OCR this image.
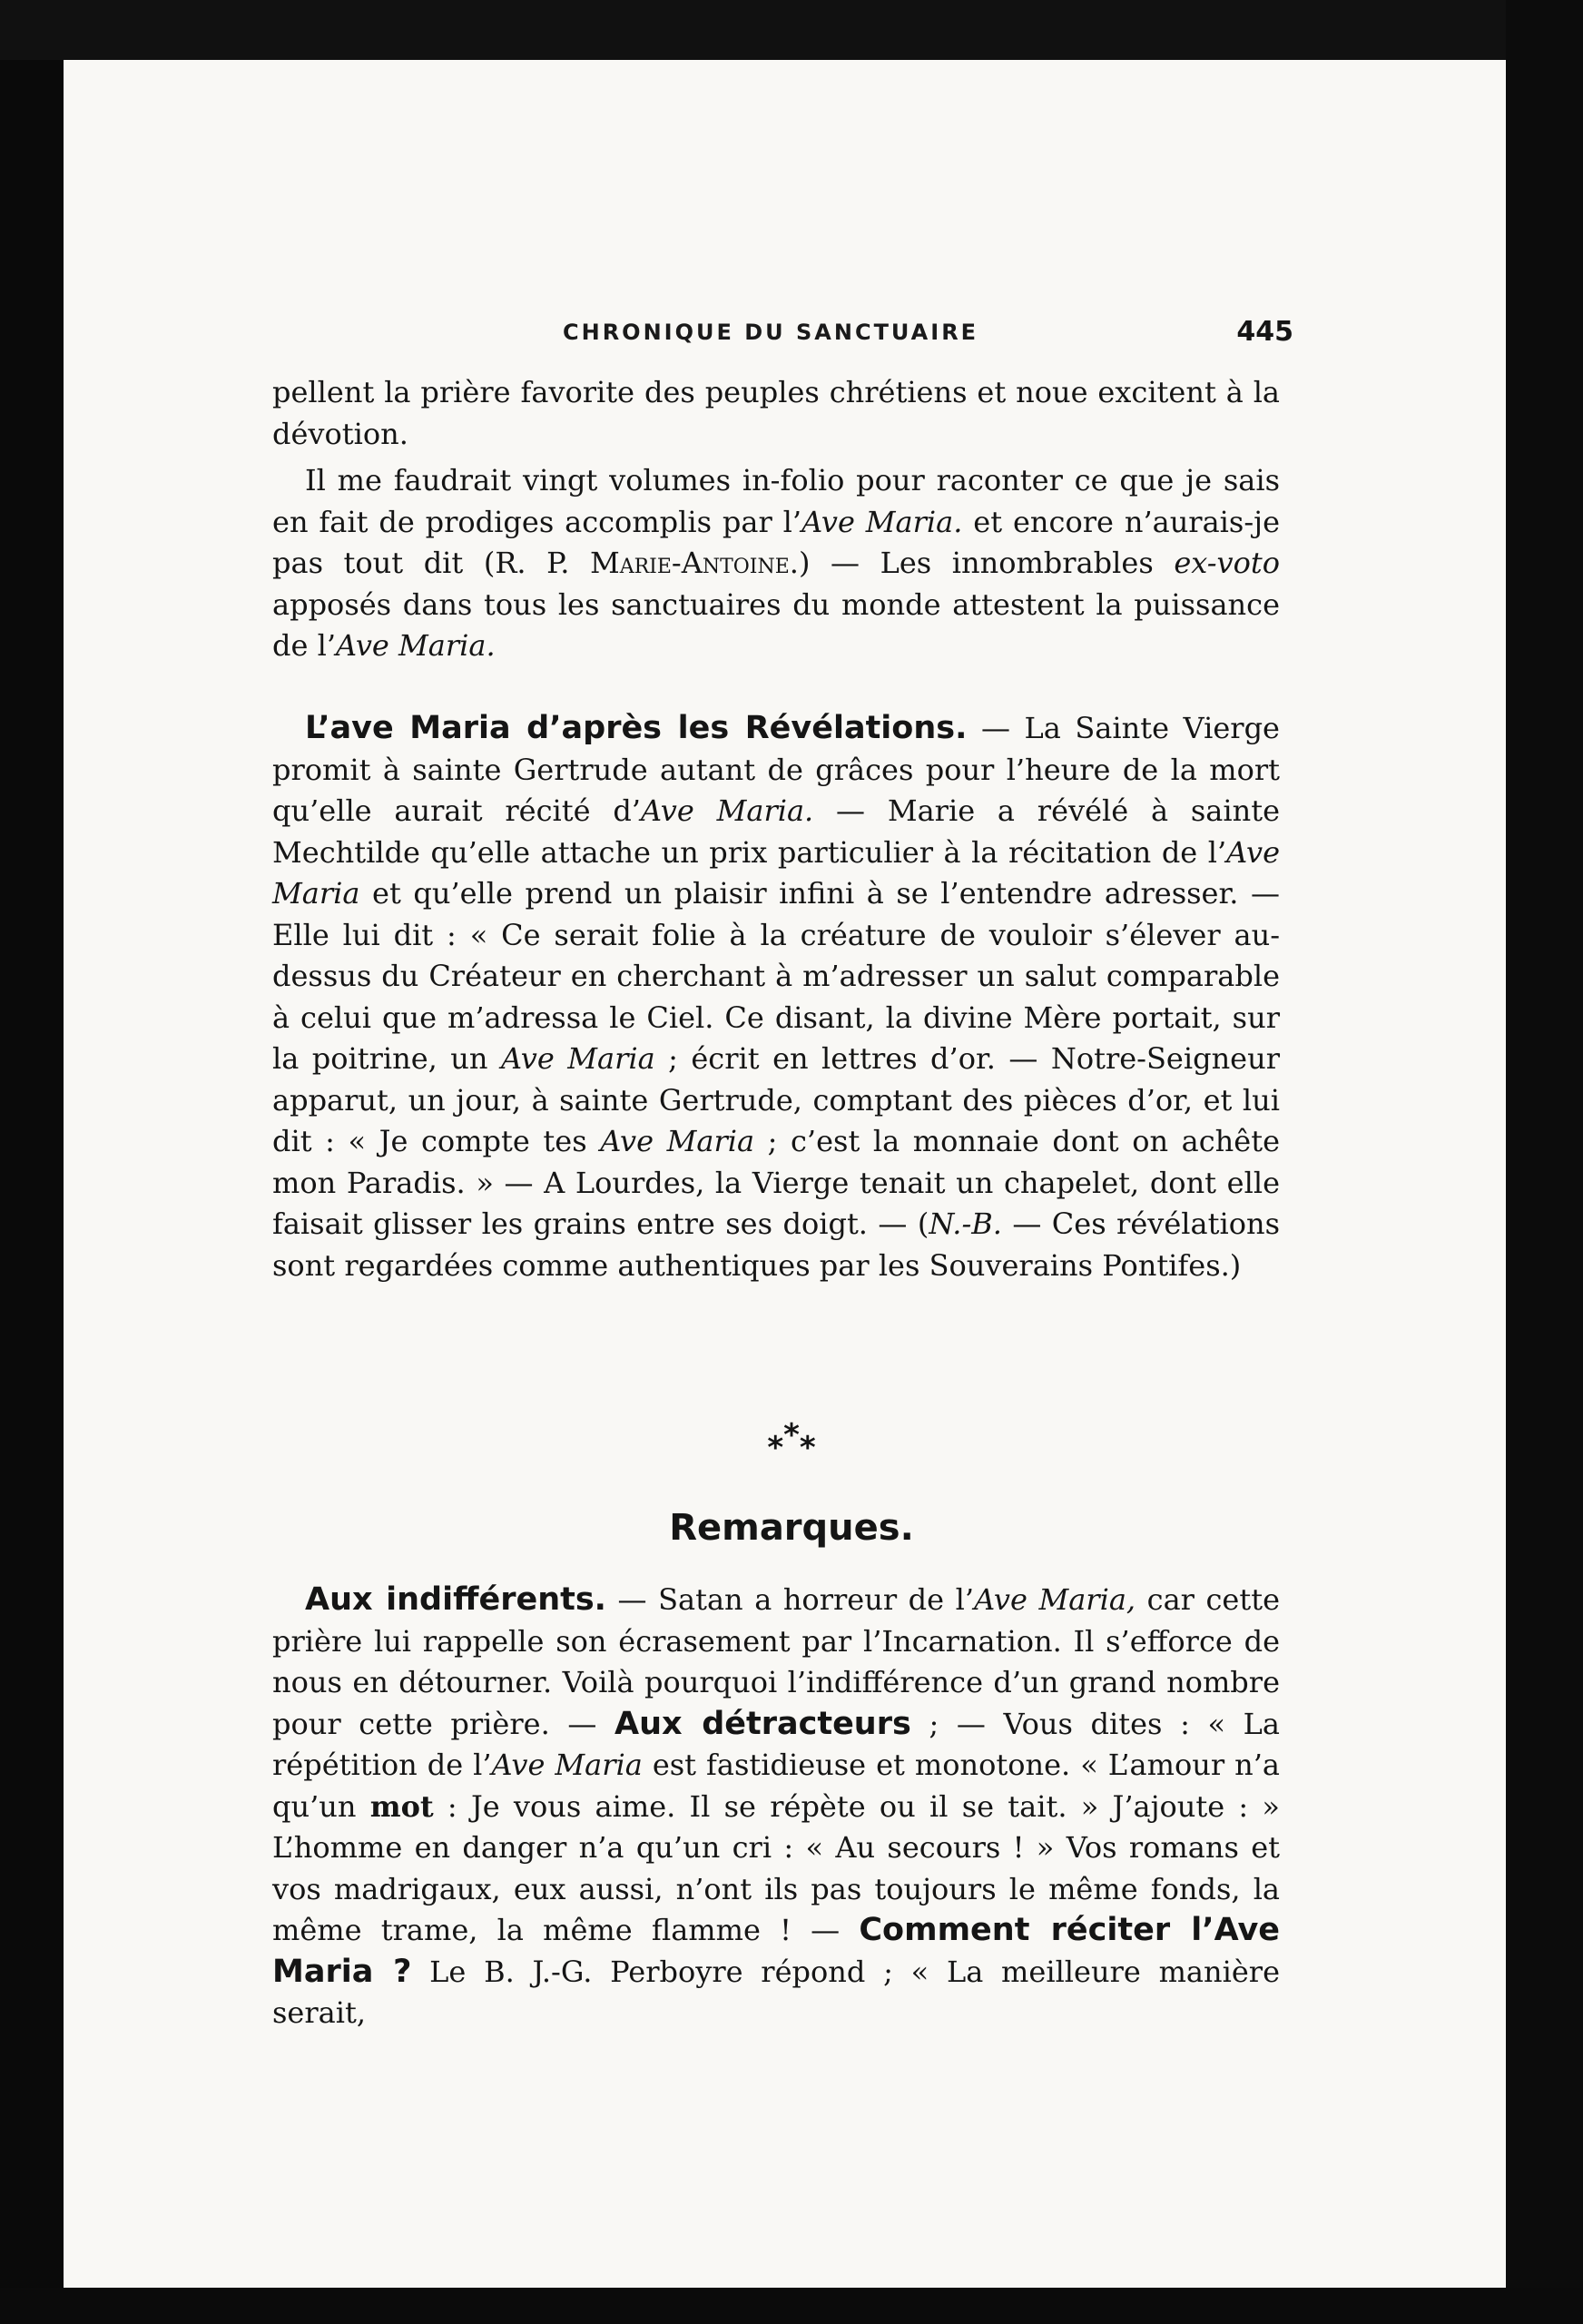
CHRONIQUE DU SANCTUAIRE	445

pellent la prière favorite des peuples chrétiens et noue excitent à la dévotion.

Il me faudrait vingt volumes in-folio pour raconter ce que je sais en fait de prodiges accomplis par l’Ave Maria. et encore n’aurais-je pas tout dit (R. P. Marie-Antoine.) — Les innombrables ex-voto apposés dans tous les sanctuaires du monde attestent la puissance de l’Ave Maria.

L’ave Maria d’après les Révélations. — La Sainte Vierge promit à sainte Gertrude autant de grâces pour l’heure de la mort qu’elle aurait récité d’Ave Maria. — Marie a révélé à sainte Mechtilde qu’elle attache un prix particulier à la récitation de l’Ave Maria et qu’elle prend un plaisir infini à se l’entendre adresser. — Elle lui dit : « Ce serait folie à la créature de vouloir s’élever au-dessus du Créateur en cherchant à m’adresser un salut comparable à celui que m’adressa le Ciel. Ce disant, la divine Mère portait, sur la poitrine, un Ave Maria ; écrit en lettres d’or. — Notre-Seigneur apparut, un jour, à sainte Gertrude, comptant des pièces d’or, et lui dit : « Je compte tes Ave Maria ; c’est la monnaie dont on achête mon Paradis. » — A Lourdes, la Vierge tenait un chapelet, dont elle faisait glisser les grains entre ses doigt. — (N.-B. — Ces révélations sont regardées comme authentiques par les Souverains Pontifes.)

***
Remarques.

Aux indifférents. — Satan a horreur de l’Ave Maria, car cette prière lui rappelle son écrasement par l’Incarnation. Il s’efforce de nous en détourner. Voilà pourquoi l’indifférence d’un grand nombre pour cette prière. — Aux détracteurs ; — Vous dites : « La répétition de l’Ave Maria est fastidieuse et monotone. « L’amour n’a qu’un mot : Je vous aime. Il se répète ou il se tait. » J’ajoute : » L’homme en danger n’a qu’un cri : « Au secours ! » Vos romans et vos madrigaux, eux aussi, n’ont ils pas toujours le même fonds, la même trame, la même flamme ! — Comment réciter l’Ave Maria ? Le B. J.-G. Perboyre répond ; « La meilleure manière serait,
